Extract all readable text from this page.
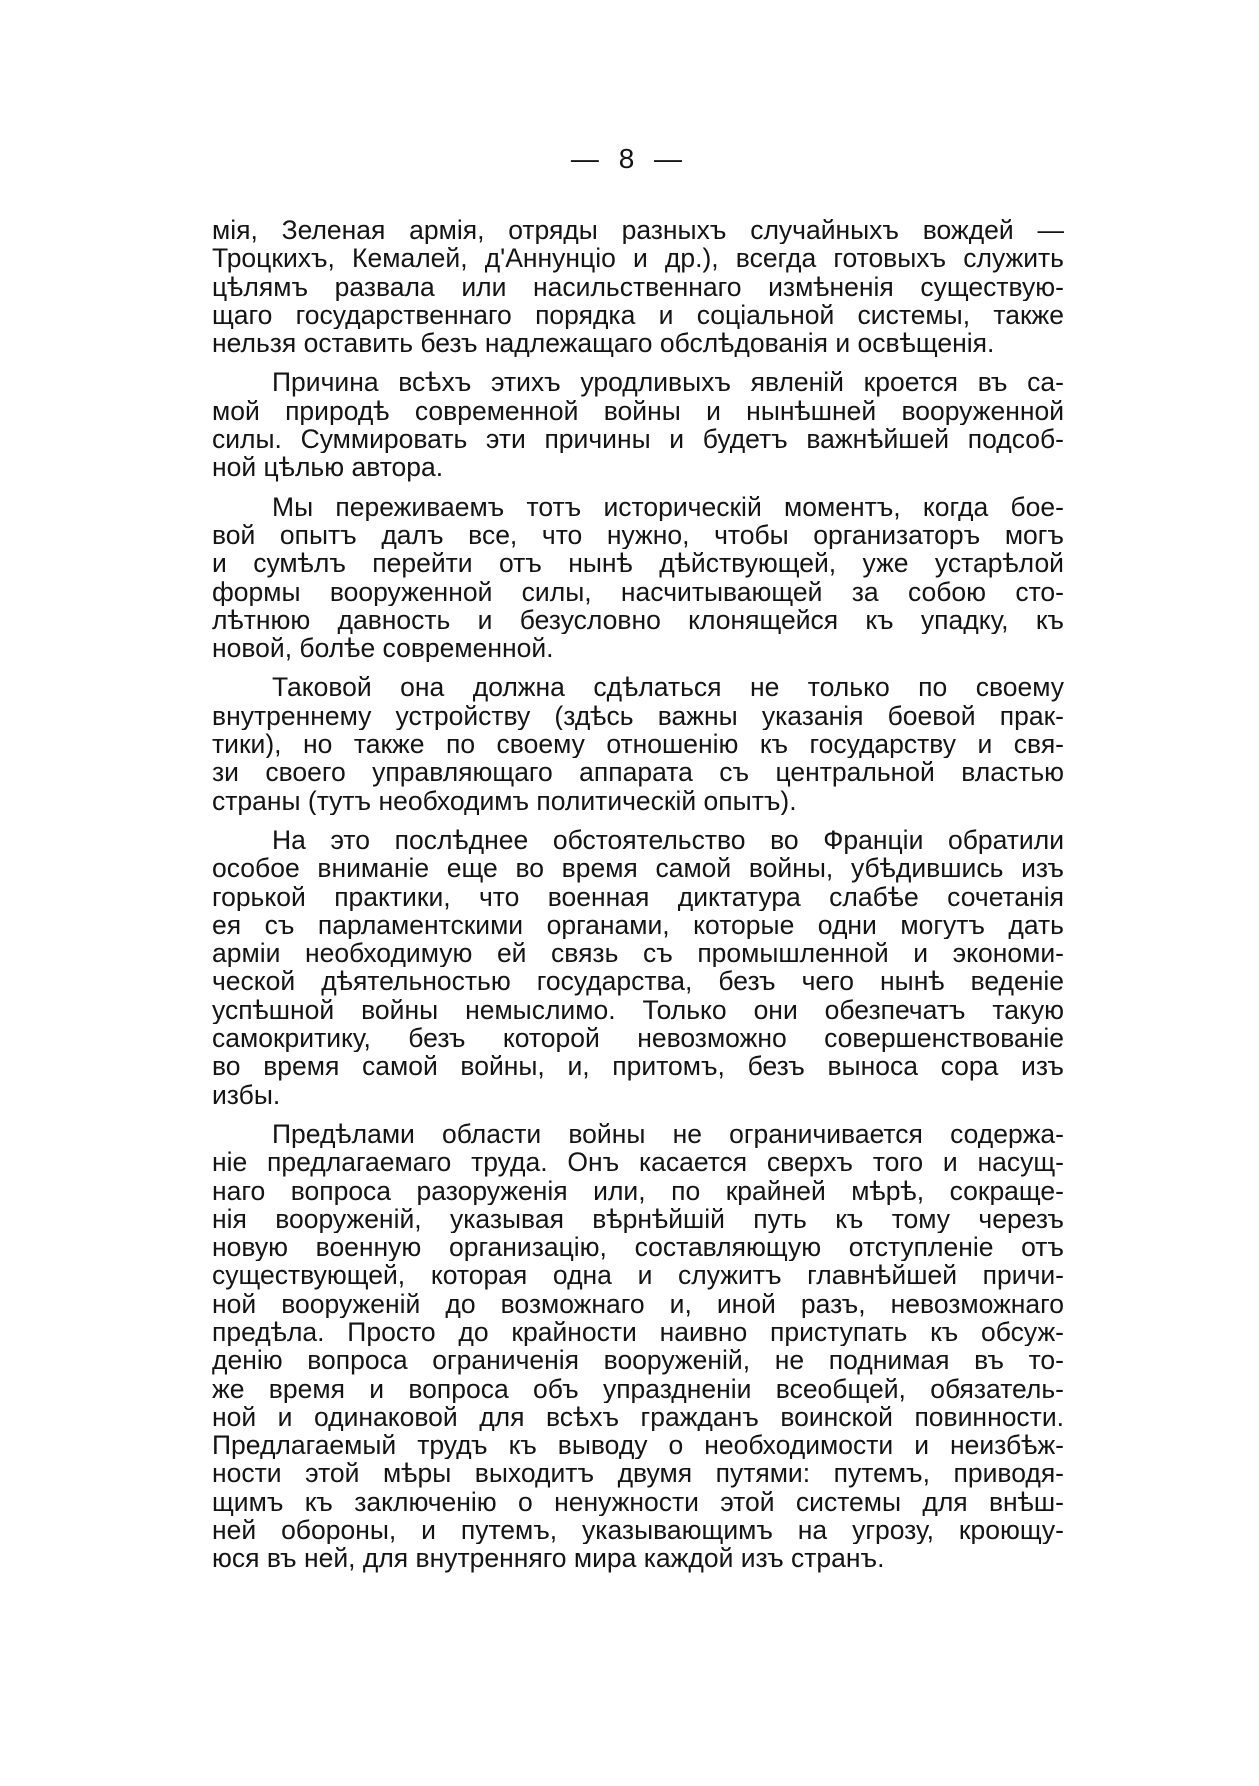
— 8 —
мія, Зеленая армія, отряды разныхъ случайныхъ вождей —
Троцкихъ, Кемалей, д'Аннунціо и др.), всегда готовыхъ служить
цѣлямъ развала или насильственнаго измѣненія существую-
щаго государственнаго порядка и соціальной системы, также
нельзя оставить безъ надлежащаго обслѣдованія и освѣщенія.
Причина всѣхъ этихъ уродливыхъ явленій кроется въ са-
мой природѣ современной войны и нынѣшней вооруженной
силы. Суммировать эти причины и будетъ важнѣйшей подсоб-
ной цѣлью автора.
Мы переживаемъ тотъ историческій моментъ, когда бое-
вой опытъ далъ все, что нужно, чтобы организаторъ могъ
и сумѣлъ перейти отъ нынѣ дѣйствующей, уже устарѣлой
формы вооруженной силы, насчитывающей за собою сто-
лѣтнюю давность и безусловно клонящейся къ упадку, къ
новой, болѣе современной.
Таковой она должна сдѣлаться не только по своему
внутреннему устройству (здѣсь важны указанія боевой прак-
тики), но также по своему отношенію къ государству и свя-
зи своего управляющаго аппарата съ центральной властью
страны (тутъ необходимъ политическій опытъ).
На это послѣднее обстоятельство во Франціи обратили
особое вниманіе еще во время самой войны, убѣдившись изъ
горькой практики, что военная диктатура слабѣе сочетанія
ея съ парламентскими органами, которые одни могутъ дать
арміи необходимую ей связь съ промышленной и экономи-
ческой дѣятельностью государства, безъ чего нынѣ веденіе
успѣшной войны немыслимо. Только они обезпечатъ такую
самокритику, безъ которой невозможно совершенствованіе
во время самой войны, и, притомъ, безъ выноса сора изъ
избы.
Предѣлами области войны не ограничивается содержа-
ніе предлагаемаго труда. Онъ касается сверхъ того и насущ-
наго вопроса разоруженія или, по крайней мѣрѣ, сокраще-
нія вооруженій, указывая вѣрнѣйшій путь къ тому черезъ
новую военную организацію, составляющую отступленіе отъ
существующей, которая одна и служитъ главнѣйшей причи-
ной вооруженій до возможнаго и, иной разъ, невозможнаго
предѣла. Просто до крайности наивно приступать къ обсуж-
денію вопроса ограниченія вооруженій, не поднимая въ то-
же время и вопроса объ упраздненіи всеобщей, обязатель-
ной и одинаковой для всѣхъ гражданъ воинской повинности.
Предлагаемый трудъ къ выводу о необходимости и неизбѣж-
ности этой мѣры выходитъ двумя путями: путемъ, приводя-
щимъ къ заключенію о ненужности этой системы для внѣш-
ней обороны, и путемъ, указывающимъ на угрозу, кроющу-
юся въ ней, для внутренняго мира каждой изъ странъ.
